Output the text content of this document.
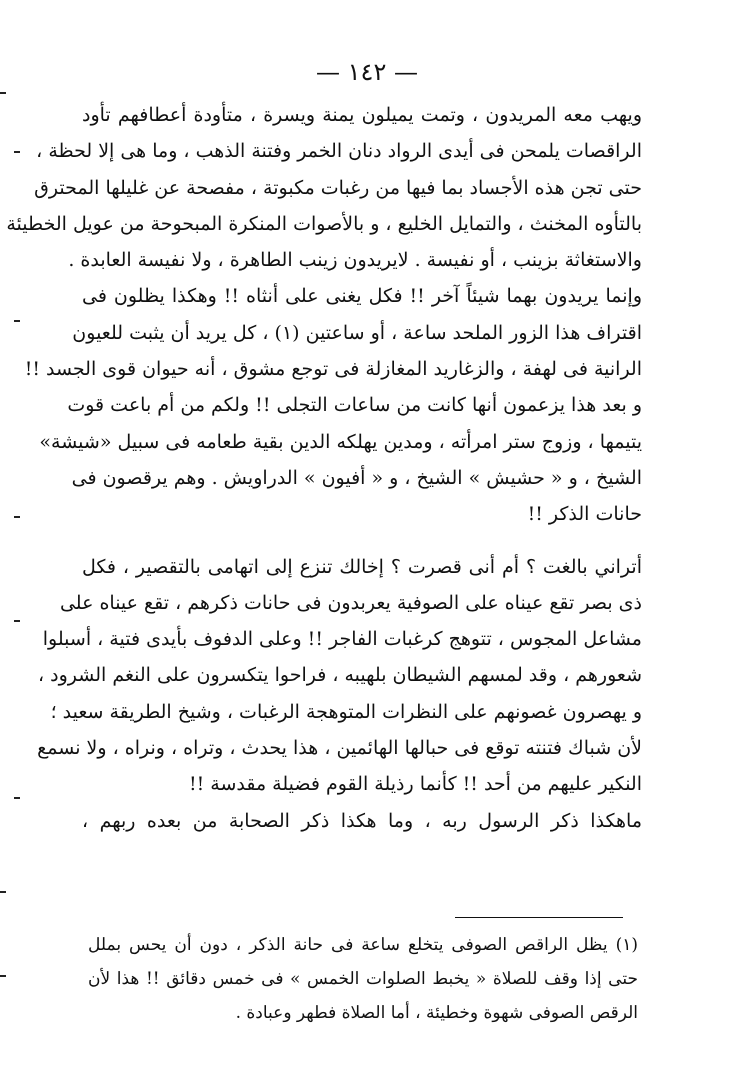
— ١٤٢ —
ويهب معه المريدون ، وتمت يميلون يمنة ويسرة ، متأودة أعطافهم تأود
الراقصات يلمحن فى أيدى الرواد دنان الخمر وفتنة الذهب ، وما هى إلا لحظة ،
حتى تجن هذه الأجساد بما فيها من رغبات مكبوتة ، مفصحة عن غليلها المحترق
بالتأوه المخنث ، والتمايل الخليع ، و بالأصوات المنكرة المبحوحة من عويل الخطيئة
والاستغاثة بزينب ، أو نفيسة . لايريدون زينب الطاهرة ، ولا نفيسة العابدة .
وإنما يريدون بهما شيئاً آخر !! فكل يغنى على أنثاه !! وهكذا يظلون فى
اقتراف هذا الزور الملحد ساعة ، أو ساعتين (١) ، كل يريد أن يثبت للعيون
الرانية فى لهفة ، والزغاريد المغازلة فى توجع مشوق ، أنه حيوان قوى الجسد !!
و بعد هذا يزعمون أنها كانت من ساعات التجلى !! ولكم من أم باعت قوت
يتيمها ، وزوج ستر امرأته ، ومدين يهلكه الدين بقية طعامه فى سبيل «شيشة»
الشيخ ، و « حشيش » الشيخ ، و « أفيون » الدراويش . وهم يرقصون فى
حانات الذكر !!
أتراني بالغت ؟ أم أنى قصرت ؟ إخالك تنزع إلى اتهامى بالتقصير ، فكل
ذى بصر تقع عيناه على الصوفية يعربدون فى حانات ذكرهم ، تقع عيناه على
مشاعل المجوس ، تتوهج كرغبات الفاجر !! وعلى الدفوف بأيدى فتية ، أسبلوا
شعورهم ، وقد لمسهم الشيطان بلهيبه ، فراحوا يتكسرون على النغم الشرود ،
و يهصرون غصونهم على النظرات المتوهجة الرغبات ، وشيخ الطريقة سعيد ؛
لأن شباك فتنته توقع فى حبالها الهائمين ، هذا يحدث ، وتراه ، ونراه ، ولا نسمع
النكير عليهم من أحد !! كأنما رذيلة القوم فضيلة مقدسة !!
ماهكذا ذكر الرسول ربه ، وما هكذا ذكر الصحابة من بعده ربهم ،
(١) يظل الراقص الصوفى يتخلع ساعة فى حانة الذكر ، دون أن يحس بملل
حتى إذا وقف للصلاة « يخبط الصلوات الخمس » فى خمس دقائق !! هذا لأن
الرقص الصوفى شهوة وخطيئة ، أما الصلاة فطهر وعبادة .
